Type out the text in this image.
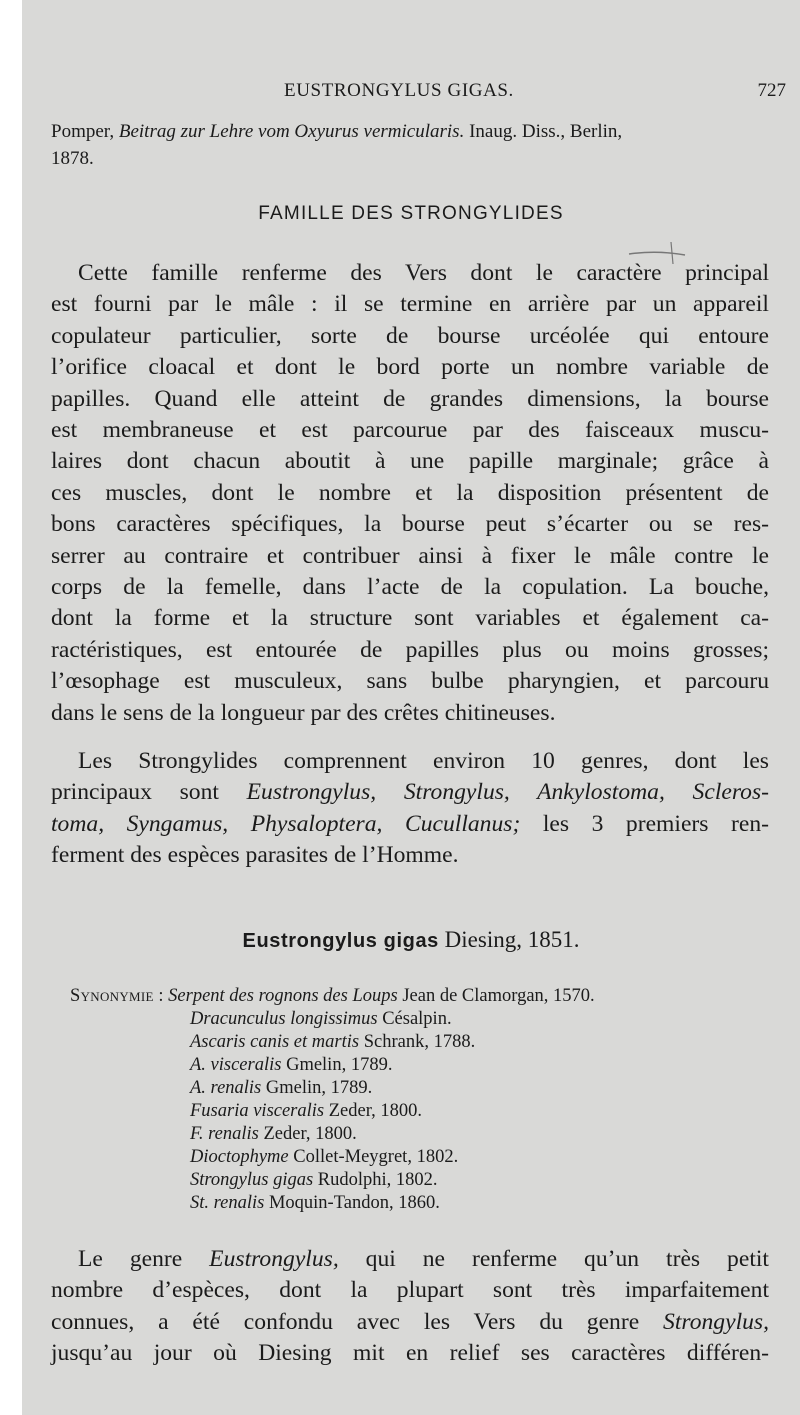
EUSTRONGYLUS GIGAS.	727
Pomper, Beitrag zur Lehre vom Oxyurus vermicularis. Inaug. Diss., Berlin,
1878.
FAMILLE DES STRONGYLIDES
Cette famille renferme des Vers dont le caractère principal
est fourni par le mâle : il se termine en arrière par un appareil
copulateur particulier, sorte de bourse urcéolée qui entoure
l’orifice cloacal et dont le bord porte un nombre variable de
papilles. Quand elle atteint de grandes dimensions, la bourse
est membraneuse et est parcourue par des faisceaux muscu-
laires dont chacun aboutit à une papille marginale; grâce à
ces muscles, dont le nombre et la disposition présentent de
bons caractères spécifiques, la bourse peut s’écarter ou se res-
serrer au contraire et contribuer ainsi à fixer le mâle contre le
corps de la femelle, dans l’acte de la copulation. La bouche,
dont la forme et la structure sont variables et également ca-
ractéristiques, est entourée de papilles plus ou moins grosses;
l’œsophage est musculeux, sans bulbe pharyngien, et parcouru
dans le sens de la longueur par des crêtes chitineuses.
Les Strongylides comprennent environ 10 genres, dont les
principaux sont Eustrongylus, Strongylus, Ankylostoma, Scleros-
toma, Syngamus, Physaloptera, Cucullanus; les 3 premiers ren-
ferment des espèces parasites de l’Homme.
Eustrongylus gigas Diesing, 1851.
Synonymie : Serpent des rognons des Loups Jean de Clamorgan, 1570.
Dracunculus longissimus Césalpin.
Ascaris canis et martis Schrank, 1788.
A. visceralis Gmelin, 1789.
A. renalis Gmelin, 1789.
Fusaria visceralis Zeder, 1800.
F. renalis Zeder, 1800.
Dioctophyme Collet-Meygret, 1802.
Strongylus gigas Rudolphi, 1802.
St. renalis Moquin-Tandon, 1860.
Le genre Eustrongylus, qui ne renferme qu’un très petit
nombre d’espèces, dont la plupart sont très imparfaitement
connues, a été confondu avec les Vers du genre Strongylus,
jusqu’au jour où Diesing mit en relief ses caractères différen-
